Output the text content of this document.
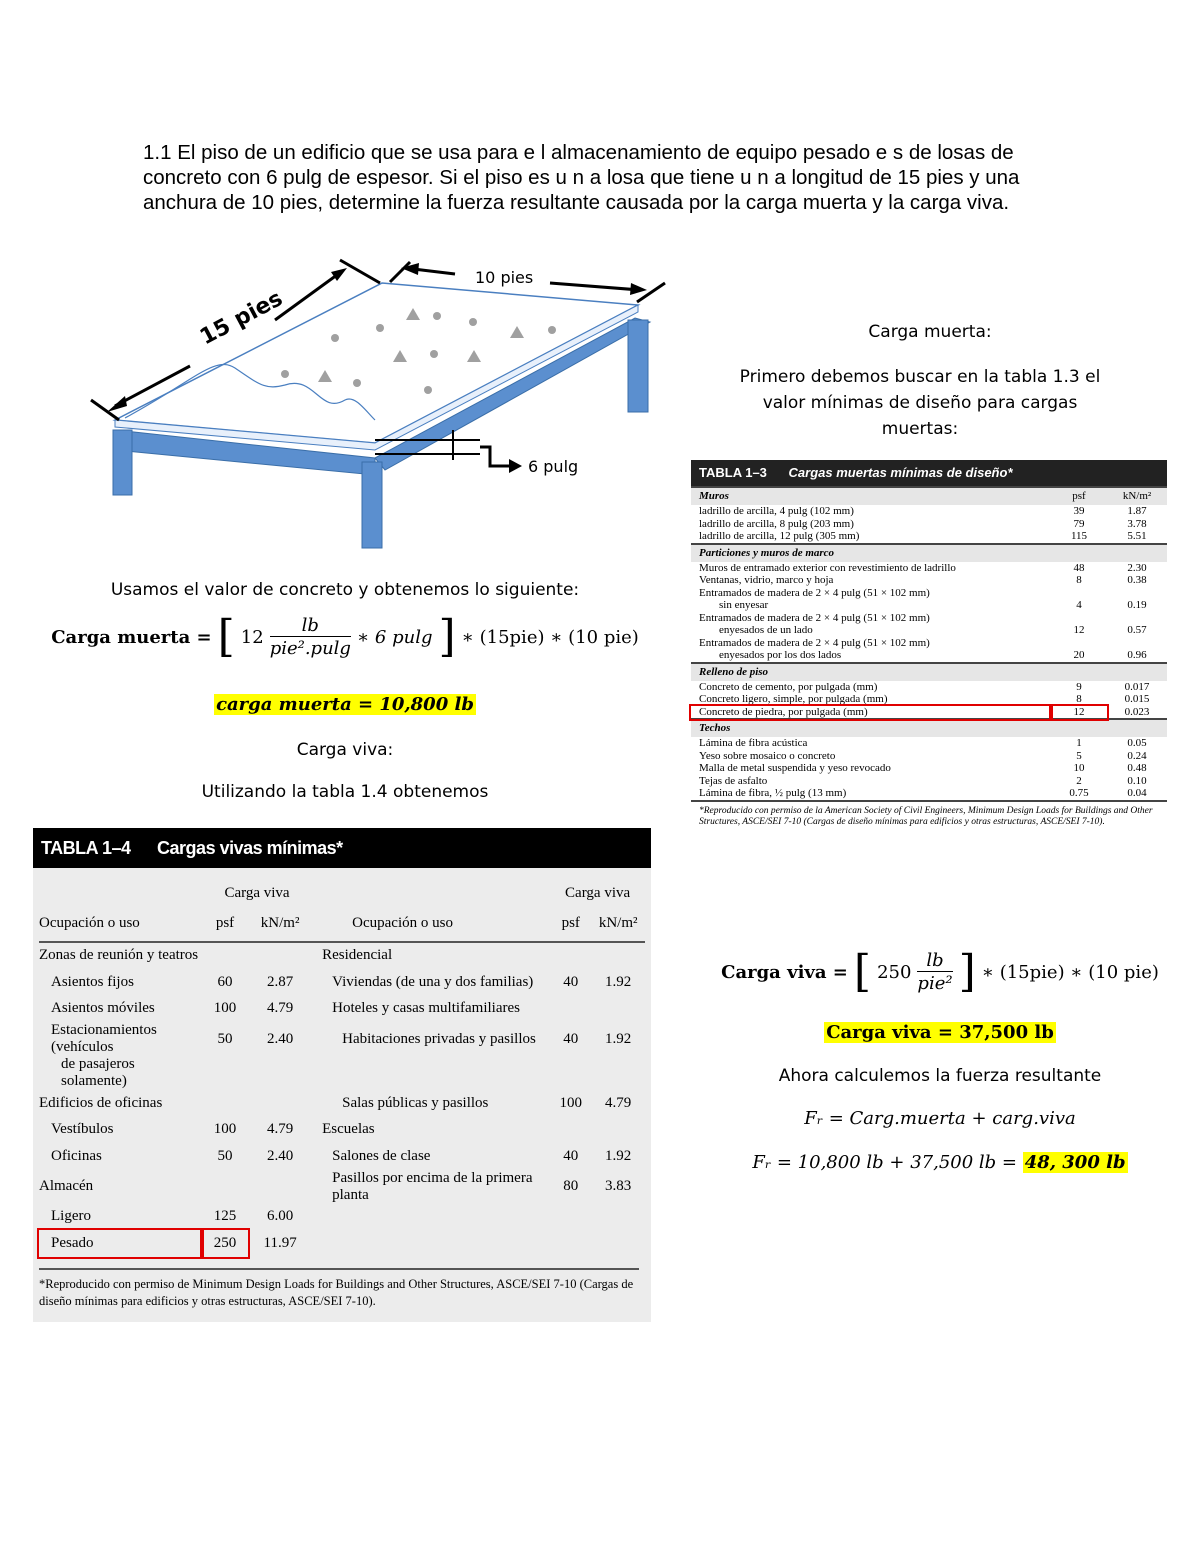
1.1 El piso de un edificio que se usa para e l almacenamiento de equipo pesado e s de losas de concreto con 6 pulg de espesor. Si el piso es u n a losa que tiene u n a longitud de 15 pies y una anchura de 10 pies, determine la fuerza resultante causada por la carga muerta y la carga viva.
15 pies
10 pies
6 pulg
Usamos el valor de concreto y obtenemos lo siguiente:
Carga muerta = [ 12
lb
pie².pulg
∗ 6 pulg ] ∗ (15pie) ∗ (10 pie)
carga muerta = 10,800 lb
Carga viva:
Utilizando la tabla 1.4 obtenemos
Carga muerta:
Primero debemos buscar en la tabla 1.3 el valor mínimas de diseño para cargas muertas:
TABLA 1–3 Cargas muertas mínimas de diseño*
Muros	psf	kN/m²
ladrillo de arcilla, 4 pulg (102 mm)	39	1.87
ladrillo de arcilla, 8 pulg (203 mm)	79	3.78
ladrillo de arcilla, 12 pulg (305 mm)	115	5.51
Particiones y muros de marco		
Muros de entramado exterior con revestimiento de ladrillo	48	2.30
Ventanas, vidrio, marco y hoja	8	0.38
Entramados de madera de 2 × 4 pulg (51 × 102 mm)		
sin enyesar	4	0.19
Entramados de madera de 2 × 4 pulg (51 × 102 mm)		
enyesados de un lado	12	0.57
Entramados de madera de 2 × 4 pulg (51 × 102 mm)		
enyesados por los dos lados	20	0.96
Relleno de piso		
Concreto de cemento, por pulgada (mm)	9	0.017
Concreto ligero, simple, por pulgada (mm)	8	0.015
Concreto de piedra, por pulgada (mm)	12	0.023
Techos		
Lámina de fibra acústica	1	0.05
Yeso sobre mosaico o concreto	5	0.24
Malla de metal suspendida y yeso revocado	10	0.48
Tejas de asfalto	2	0.10
Lámina de fibra, ½ pulg (13 mm)	0.75	0.04
*Reproducido con permiso de la American Society of Civil Engineers, Minimum Design Loads for Buildings and Other Structures, ASCE/SEI 7-10 (Cargas de diseño mínimas para edificios y otras estructuras, ASCE/SEI 7-10).		
TABLA 1–4 Cargas vivas mínimas*
	Carga viva			Carga viva	
Ocupación o uso	psf	kN/m²	Ocupación o uso	psf	kN/m²
Zonas de reunión y teatros			Residencial		
Asientos fijos	60	2.87	Viviendas (de una y dos familias)	40	1.92
Asientos móviles	100	4.79	Hoteles y casas multifamiliares		
Estacionamientos (vehículos	50	2.40	Habitaciones privadas y pasillos	40	1.92
de pasajeros solamente)					
Edificios de oficinas			Salas públicas y pasillos	100	4.79
Vestíbulos	100	4.79	Escuelas		
Oficinas	50	2.40	Salones de clase	40	1.92
Almacén			Pasillos por encima de la primera planta	80	3.83
Ligero	125	6.00			
Pesado	250	11.97			
*Reproducido con permiso de Minimum Design Loads for Buildings and Other Structures, ASCE/SEI 7-10 (Cargas de diseño mínimas para edificios y otras estructuras, ASCE/SEI 7-10).
Carga viva = [ 250
lb
pie² ] ∗ (15pie) ∗ (10 pie)
Carga viva = 37,500 lb
Ahora calculemos la fuerza resultante
Fᵣ = Carg.muerta + carg.viva
Fᵣ = 10,800 lb + 37,500 lb = 48, 300 lb
